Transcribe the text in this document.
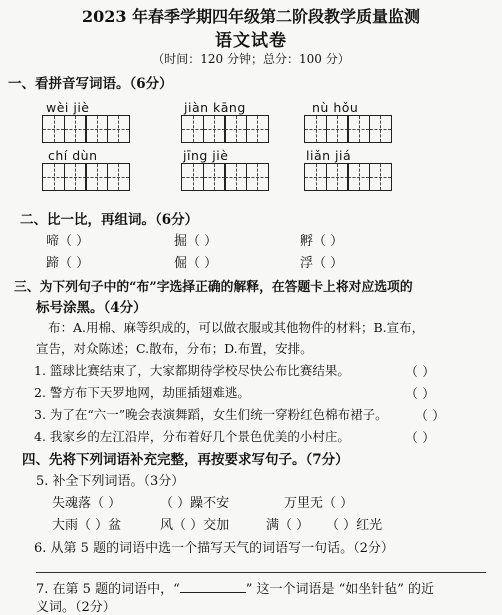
2023 年春季学期四年级第二阶段教学质量监测
语文试卷
（时间：120 分钟；总分：100 分）
一、看拼音写词语。（6分）
wèi jiè	jiàn kāng	nù hǒu
chí dùn	jīng jiè	liǎn jiá
二、比一比，再组词。（6分）
啼（ ）	掘（ ）	孵（ ）
蹄（ ）	倔（ ）	浮（ ）
三、为下列句子中的“布”字选择正确的解释，在答题卡上将对应选项的
标号涂黑。（4分）
布：A.用棉、麻等织成的，可以做衣服或其他物件的材料；B.宣布，
宣告，对众陈述；C.散布，分布；D.布置，安排。
1. 篮球比赛结束了，大家都期待学校尽快公布比赛结果。	（ ）
2. 警方布下天罗地网，劫匪插翅难逃。	（ ）
3. 为了在“六一”晚会表演舞蹈，女生们统一穿粉红色棉布裙子。 （ ）
4. 我家乡的左江沿岸，分布着好几个景色优美的小村庄。	（ ）
四、先将下列词语补充完整，再按要求写句子。（7分）
5. 补全下列词语。（3分）
失魂落（ ）	（ ）躁不安	万里无（ ）
大雨（ ）盆	风（ ）交加	满（ ） （ ）红光
6. 从第 5 题的词语中选一个描写天气的词语写一句话。（2分）
7. 在第 5 题的词语中，“	” 这一个词语是 “如坐针毡” 的近
义词。（2分）
